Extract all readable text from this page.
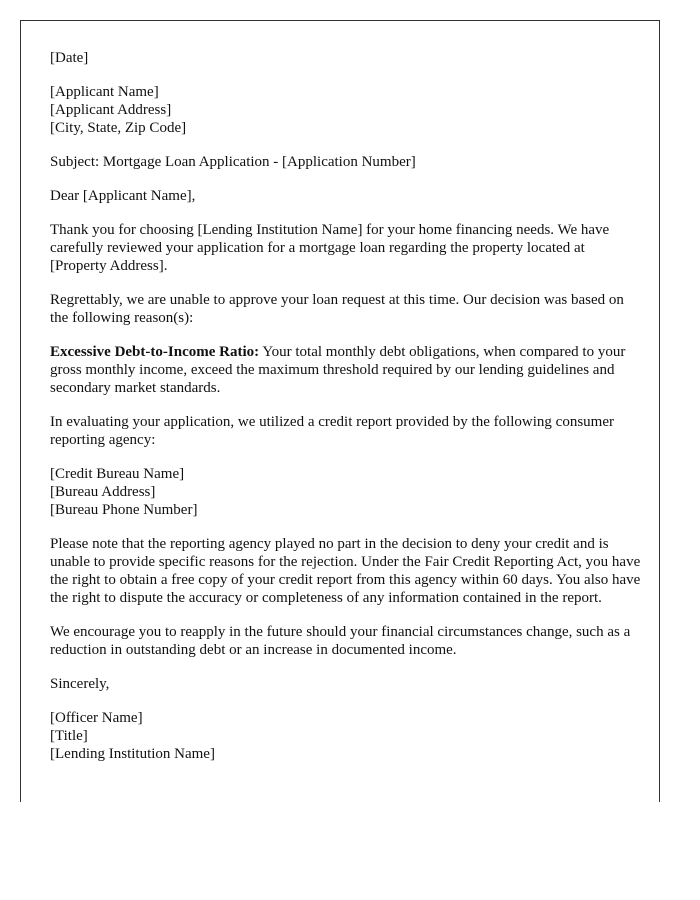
[Date]

[Applicant Name]
[Applicant Address]
[City, State, Zip Code]

Subject: Mortgage Loan Application - [Application Number]

Dear [Applicant Name],

Thank you for choosing [Lending Institution Name] for your home financing needs. We have carefully reviewed your application for a mortgage loan regarding the property located at [Property Address].

Regrettably, we are unable to approve your loan request at this time. Our decision was based on the following reason(s):

Excessive Debt-to-Income Ratio: Your total monthly debt obligations, when compared to your gross monthly income, exceed the maximum threshold required by our lending guidelines and secondary market standards.

In evaluating your application, we utilized a credit report provided by the following consumer reporting agency:

[Credit Bureau Name]
[Bureau Address]
[Bureau Phone Number]

Please note that the reporting agency played no part in the decision to deny your credit and is unable to provide specific reasons for the rejection. Under the Fair Credit Reporting Act, you have the right to obtain a free copy of your credit report from this agency within 60 days. You also have the right to dispute the accuracy or completeness of any information contained in the report.

We encourage you to reapply in the future should your financial circumstances change, such as a reduction in outstanding debt or an increase in documented income.

Sincerely,

[Officer Name]
[Title]
[Lending Institution Name]
